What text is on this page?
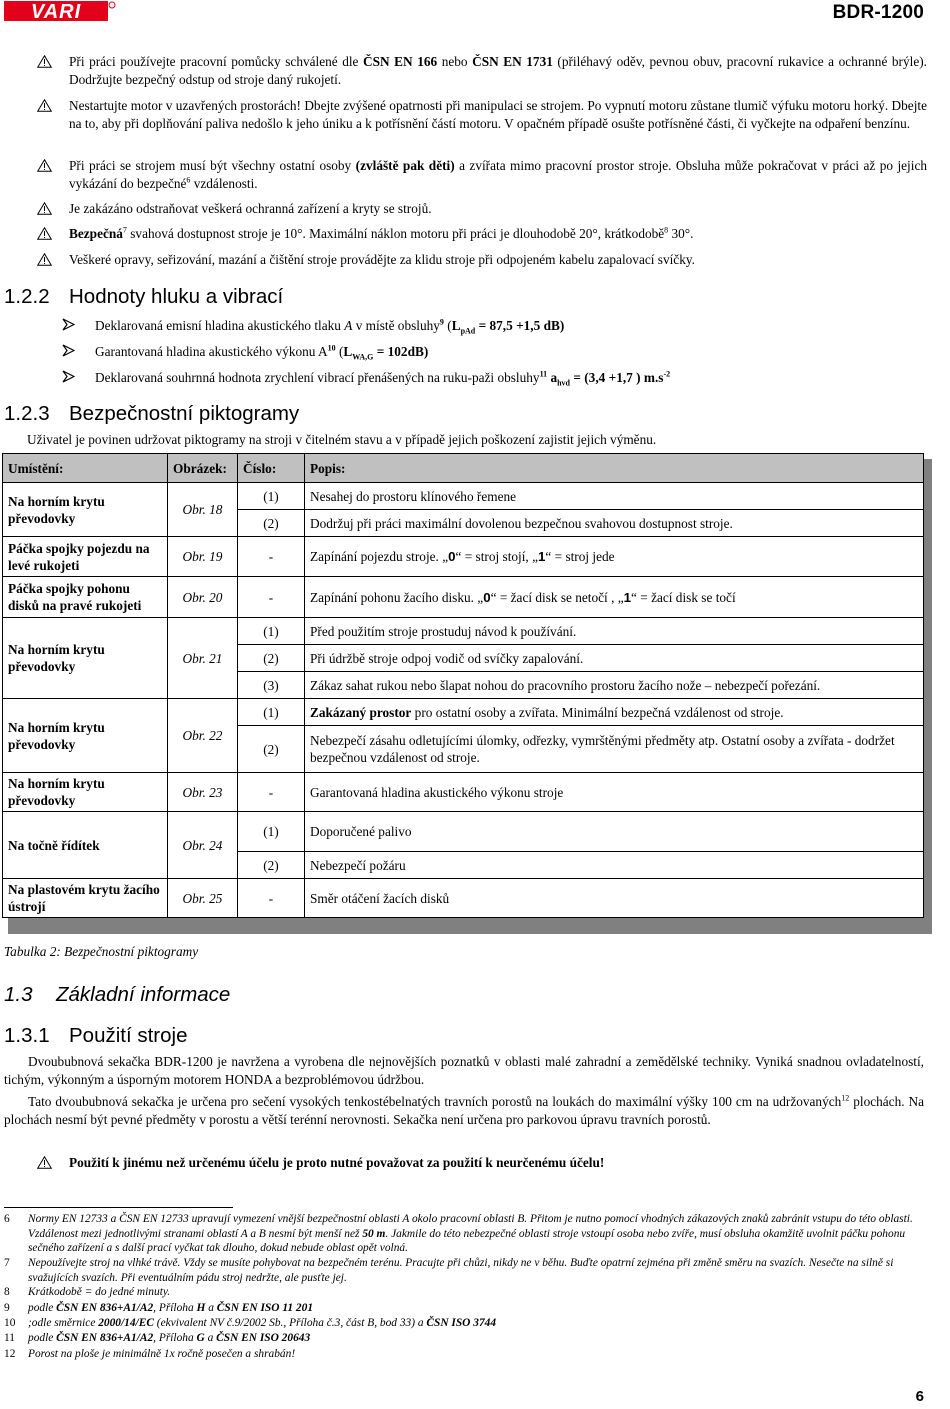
VARI	BDR-1200
Při práci používejte pracovní pomůcky schválené dle ČSN EN 166 nebo ČSN EN 1731 (přiléhavý oděv, pevnou obuv, pracovní rukavice a ochranné brýle). Dodržujte bezpečný odstup od stroje daný rukojetí.
Nestartujte motor v uzavřených prostorách! Dbejte zvýšené opatrnosti při manipulaci se strojem. Po vypnutí motoru zůstane tlumič výfuku motoru horký. Dbejte na to, aby při doplňování paliva nedošlo k jeho úniku a k potřísnění částí motoru. V opačném případě osušte potřísněné části, či vyčkejte na odpaření benzínu.
Při práci se strojem musí být všechny ostatní osoby (zvláště pak děti) a zvířata mimo pracovní prostor stroje. Obsluha může pokračovat v práci až po jejich vykázání do bezpečné$^6$ vzdálenosti.
Je zakázáno odstraňovat veškerá ochranná zařízení a kryty se strojů.
Bezpečná$^7$ svahová dostupnost stroje je 10°. Maximální náklon motoru při práci je dlouhodobě 20°, krátkodobě$^8$ 30°.
Veškeré opravy, seřizování, mazání a čištění stroje provádějte za klidu stroje při odpojeném kabelu zapalovací svíčky.
1.2.2 Hodnoty hluku a vibrací
Deklarovaná emisní hladina akustického tlaku A v místě obsluhy$^9$ ($L_{pAd} = 87,5 +1,5$ dB)
Garantovaná hladina akustického výkonu $A^{10}$ $(L_{WA,G} = 102dB)$
Deklarovaná souhrnná hodnota zrychlení vibrací přenášených na ruku-paži obsluhy$^{11}$ $a_{hvd} = (3,4 +1,7$ ) $m.s^{-2}$
1.2.3 Bezpečnostní piktogramy
Uživatel je povinen udržovat piktogramy na stroji v čitelném stavu a v případě jejich poškození zajistit jejich výměnu.
Umístění:	Obrázek:	Číslo:	Popis:
Na horním krytu převodovky	Obr. 18	(1)	Nesahej do prostoru klínového řemene
		(2)	Dodržuj při práci maximální dovolenou bezpečnou svahovou dostupnost stroje.
Páčka spojky pojezdu na levé rukojeti	Obr. 19	-	Zapínání pojezdu stroje. „0“ = stroj stojí, „1“ = stroj jede
Páčka spojky pohonu disků na pravé rukojeti	Obr. 20	-	Zapínání pohonu žacího disku. „0“ = žací disk se netočí , „1“ = žací disk se točí
Na horním krytu převodovky	Obr. 21	(1)	Před použitím stroje prostuduj návod k používání.
		(2)	Při údržbě stroje odpoj vodič od svíčky zapalování.
		(3)	Zákaz sahat rukou nebo šlapat nohou do pracovního prostoru žacího nože – nebezpečí pořezání.
Na horním krytu převodovky	Obr. 22	(1)	Zakázaný prostor pro ostatní osoby a zvířata. Minimální bezpečná vzdálenost od stroje.
		(2)	Nebezpečí zásahu odletujícími úlomky, odřezky, vymrštěnými předměty atp. Ostatní osoby a zvířata - dodržet bezpečnou vzdálenost od stroje.
Na horním krytu převodovky	Obr. 23	-	Garantovaná hladina akustického výkonu stroje
Na točně řídítek	Obr. 24	(1)	Doporučené palivo
		(2)	Nebezpečí požáru
Na plastovém krytu žacího ústrojí	Obr. 25	-	Směr otáčení žacích disků
Tabulka 2: Bezpečnostní piktogramy
1.3 Základní informace
1.3.1 Použití stroje
Dvoububnová sekačka BDR-1200 je navržena a vyrobena dle nejnovějších poznatků v oblasti malé zahradní a zemědělské techniky. Vyniká snadnou ovladatelností, tichým, výkonným a úsporným motorem HONDA a bezproblémovou údržbou.
Tato dvoububnová sekačka je určena pro sečení vysokých tenkostébelnatých travních porostů na loukách do maximální výšky 100 cm na udržovaných$^{12}$ plochách. Na plochách nesmí být pevné předměty v porostu a větší terénní nerovnosti. Sekačka není určena pro parkovou úpravu travních porostů.
Použití k jinému než určenému účelu je proto nutné považovat za použití k neurčenému účelu!
6 Normy EN 12733 a ČSN EN 12733 upravují vymezení vnější bezpečnostní oblasti A okolo pracovní oblasti B. Přitom je nutno pomocí vhodných zákazových znaků zabránit vstupu do této oblasti. Vzdálenost mezi jednotlivými stranami oblastí A a B nesmí být menší než 50 m. Jakmile do této nebezpečné oblasti stroje vstoupí osoba nebo zvíře, musí obsluha okamžitě uvolnit páčku pohonu sečného zařízení a s další prací vyčkat tak dlouho, dokud nebude oblast opět volná.
7 Nepoužívejte stroj na vlhké trávě. Vždy se musíte pohybovat na bezpečném terénu. Pracujte při chůzi, nikdy ne v běhu. Buďte opatrní zejména při změně směru na svazích. Nesečte na silně si svažujících svazích. Při eventuálním pádu stroj nedržte, ale pusťte jej.
8 Krátkodobě = do jedné minuty.
9 podle ČSN EN 836+A1/A2, Příloha H a ČSN EN ISO 11 201
10 ;odle směrnice 2000/14/EC (ekvivalent NV č.9/2002 Sb., Příloha č.3, část B, bod 33) a ČSN ISO 3744
11 podle ČSN EN 836+A1/A2, Příloha G a ČSN EN ISO 20643
12 Porost na ploše je minimálně 1x ročně posečen a shrabán!
6
